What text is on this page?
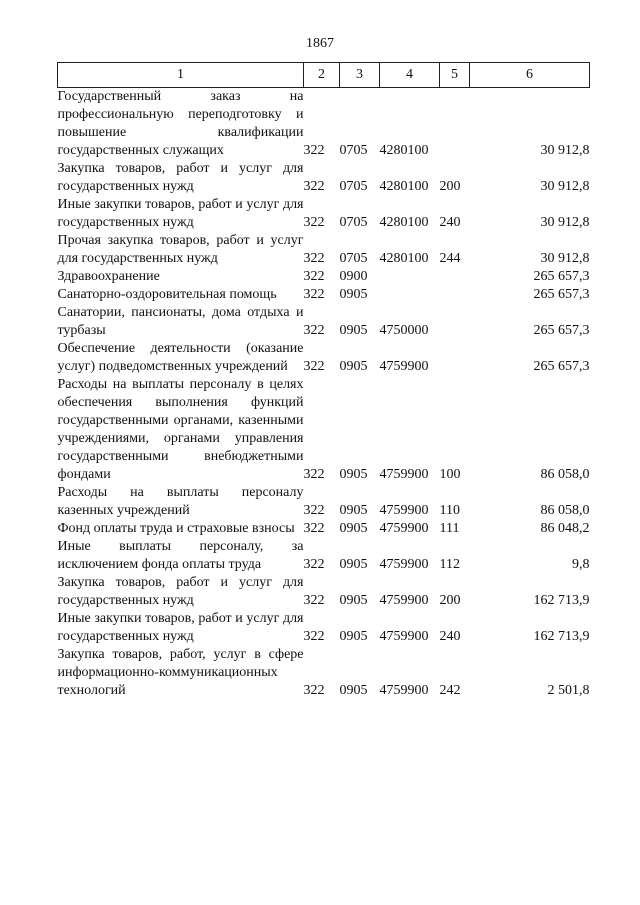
1867
1	2	3	4	5	6
Государственный заказ на профессиональную переподготовку и повышение квалификации государственных служащих	322	0705	4280100		30 912,8
Закупка товаров, работ и услуг для государственных нужд	322	0705	4280100	200	30 912,8
Иные закупки товаров, работ и услуг для государственных нужд	322	0705	4280100	240	30 912,8
Прочая закупка товаров, работ и услуг для государственных нужд	322	0705	4280100	244	30 912,8
Здравоохранение	322	0900			265 657,3
Санаторно-оздоровительная помощь	322	0905			265 657,3
Санатории, пансионаты, дома отдыха и турбазы	322	0905	4750000		265 657,3
Обеспечение деятельности (оказание услуг) подведомственных учреждений	322	0905	4759900		265 657,3
Расходы на выплаты персоналу в целях обеспечения выполнения функций государственными органами, казенными учреждениями, органами управления государственными внебюджетными фондами	322	0905	4759900	100	86 058,0
Расходы на выплаты персоналу казенных учреждений	322	0905	4759900	110	86 058,0
Фонд оплаты труда и страховые взносы	322	0905	4759900	111	86 048,2
Иные выплаты персоналу, за исключением фонда оплаты труда	322	0905	4759900	112	9,8
Закупка товаров, работ и услуг для государственных нужд	322	0905	4759900	200	162 713,9
Иные закупки товаров, работ и услуг для государственных нужд	322	0905	4759900	240	162 713,9
Закупка товаров, работ, услуг в сфере информационно-коммуникационных технологий	322	0905	4759900	242	2 501,8
